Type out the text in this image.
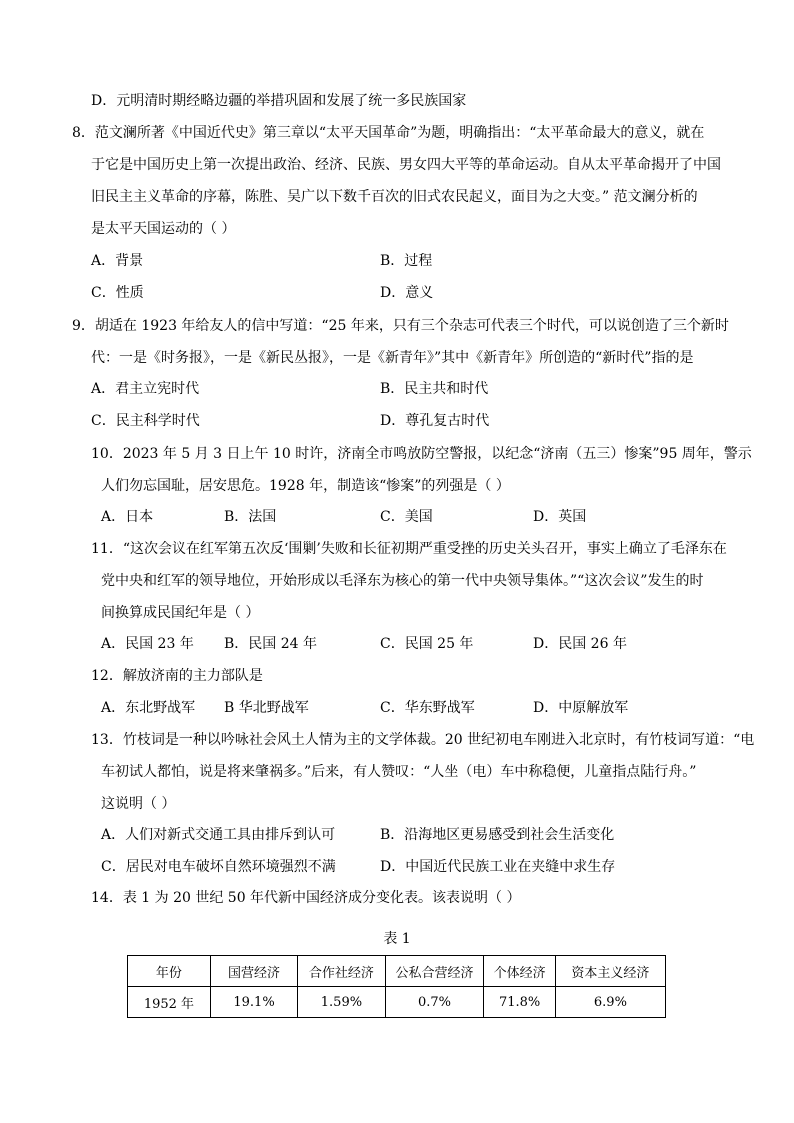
D．元明清时期经略边疆的举措巩固和发展了统一多民族国家
8．范文澜所著《中国近代史》第三章以“太平天国革命”为题，明确指出：“太平革命最大的意义，就在
于它是中国历史上第一次提出政治、经济、民族、男女四大平等的革命运动。自从太平革命揭开了中国
旧民主主义革命的序幕，陈胜、吴广以下数千百次的旧式农民起义，面目为之大变。” 范文澜分析的
是太平天国运动的（ ）
9．胡适在 1923 年给友人的信中写道：“25 年来，只有三个杂志可代表三个时代，可以说创造了三个新时
代：一是《时务报》，一是《新民丛报》，一是《新青年》”其中《新青年》所创造的“新时代”指的是
10．2023 年 5 月 3 日上午 10 时许，济南全市鸣放防空警报，以纪念“济南（五三）惨案”95 周年，警示
人们勿忘国耻，居安思危。1928 年，制造该“惨案”的列强是（ ）
11．“这次会议在红军第五次反‘围剿’失败和长征初期严重受挫的历史关头召开，事实上确立了毛泽东在
党中央和红军的领导地位，开始形成以毛泽东为核心的第一代中央领导集体。”“这次会议”发生的时
间换算成民国纪年是（ ）
12．解放济南的主力部队是
13．竹枝词是一种以吟咏社会风土人情为主的文学体裁。20 世纪初电车刚进入北京时，有竹枝词写道：“电
车初试人都怕，说是将来肇祸多。”后来，有人赞叹：“人坐（电）车中称稳便，儿童指点陆行舟。”
这说明（ ）
14．表 1 为 20 世纪 50 年代新中国经济成分变化表。该表说明（ ）
A．背景	B．过程
C．性质	D．意义
A．君主立宪时代	B．民主共和时代
C．民主科学时代	D．尊孔复古时代
A．日本	B．法国	C．美国	D．英国
A．民国 23 年 B．民国 24 年	C．民国 25 年	D．民国 26 年
A．东北野战军 B 华北野战军	C．华东野战军	D．中原解放军
A．人们对新式交通工具由排斥到认可	B．沿海地区更易感受到社会生活变化
C．居民对电车破坏自然环境强烈不满	D．中国近代民族工业在夹缝中求生存
表 1
年份	国营经济	合作社经济	公私合营经济	个体经济	资本主义经济
1952 年	19.1%	1.59%	0.7%	71.8%	6.9%
